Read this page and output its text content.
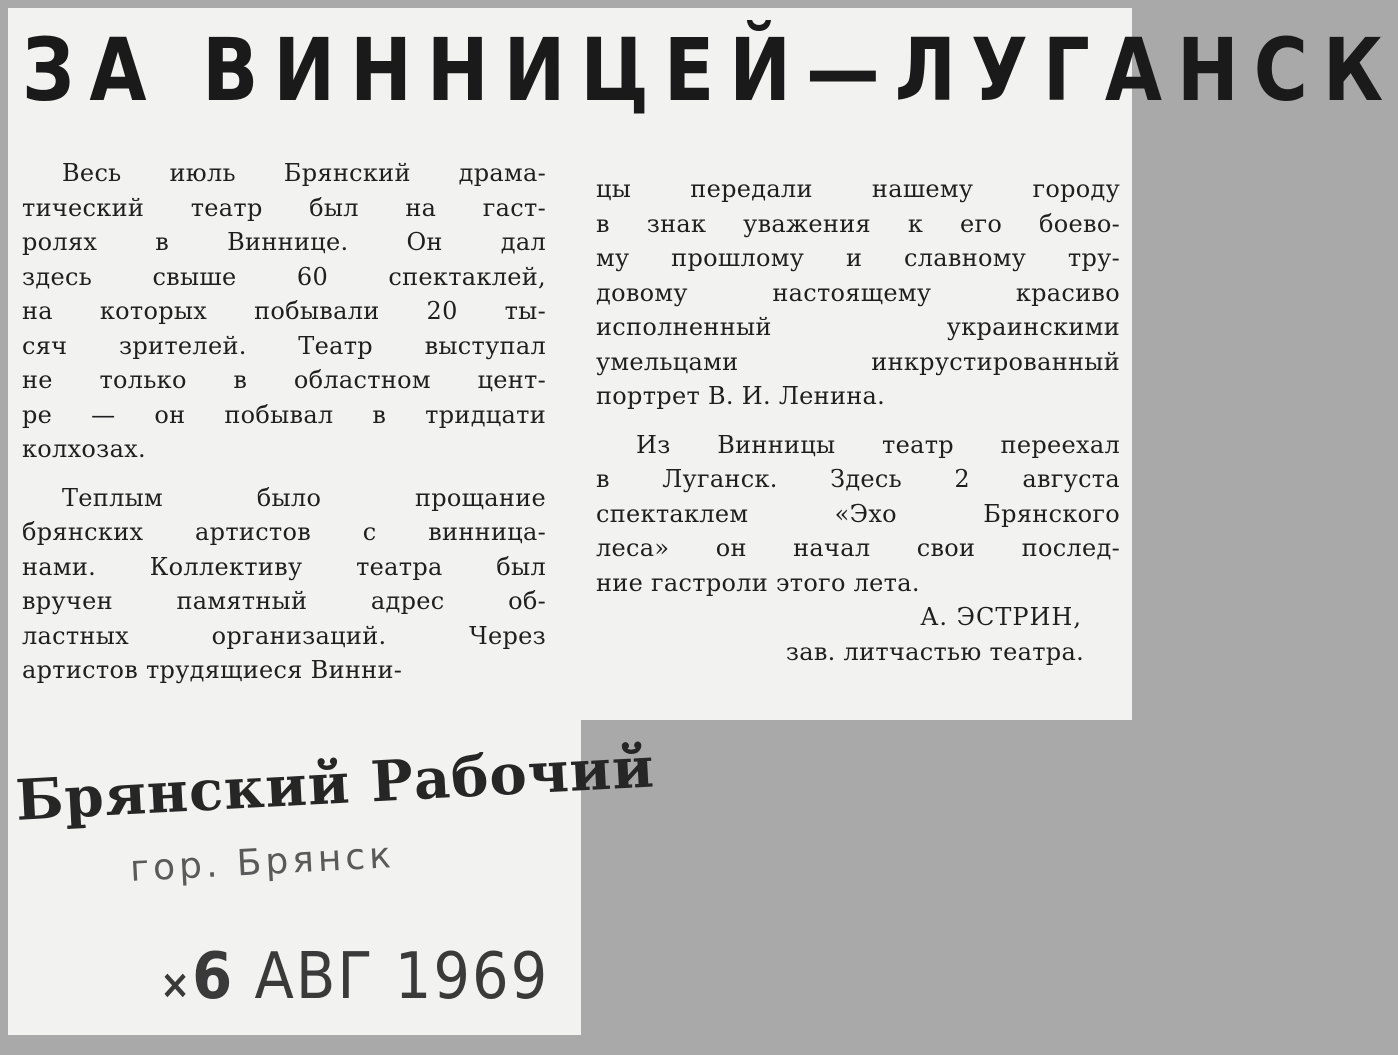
ЗА ВИННИЦЕЙ—ЛУГАНСК
Весь июль Брянский драма-
тический театр был на гаст-
ролях в Виннице. Он дал
здесь свыше 60 спектаклей,
на которых побывали 20 ты-
сяч зрителей. Театр выступал
не только в областном цент-
ре — он побывал в тридцати
колхозах.
Теплым было прощание
брянских артистов с винница-
нами. Коллективу театра был
вручен памятный адрес об-
ластных организаций. Через
артистов трудящиеся Винни-
цы передали нашему городу
в знак уважения к его боево-
му прошлому и славному тру-
довому настоящему красиво
исполненный украинскими
умельцами инкрустированный
портрет В. И. Ленина.
Из Винницы театр переехал
в Луганск. Здесь 2 августа
спектаклем «Эхо Брянского
леса» он начал свои послед-
ние гастроли этого лета.
А. ЭСТРИН,
зав. литчастью театра.
Брянский Рабочий
гор. Брянск
×6 АВГ 1969
